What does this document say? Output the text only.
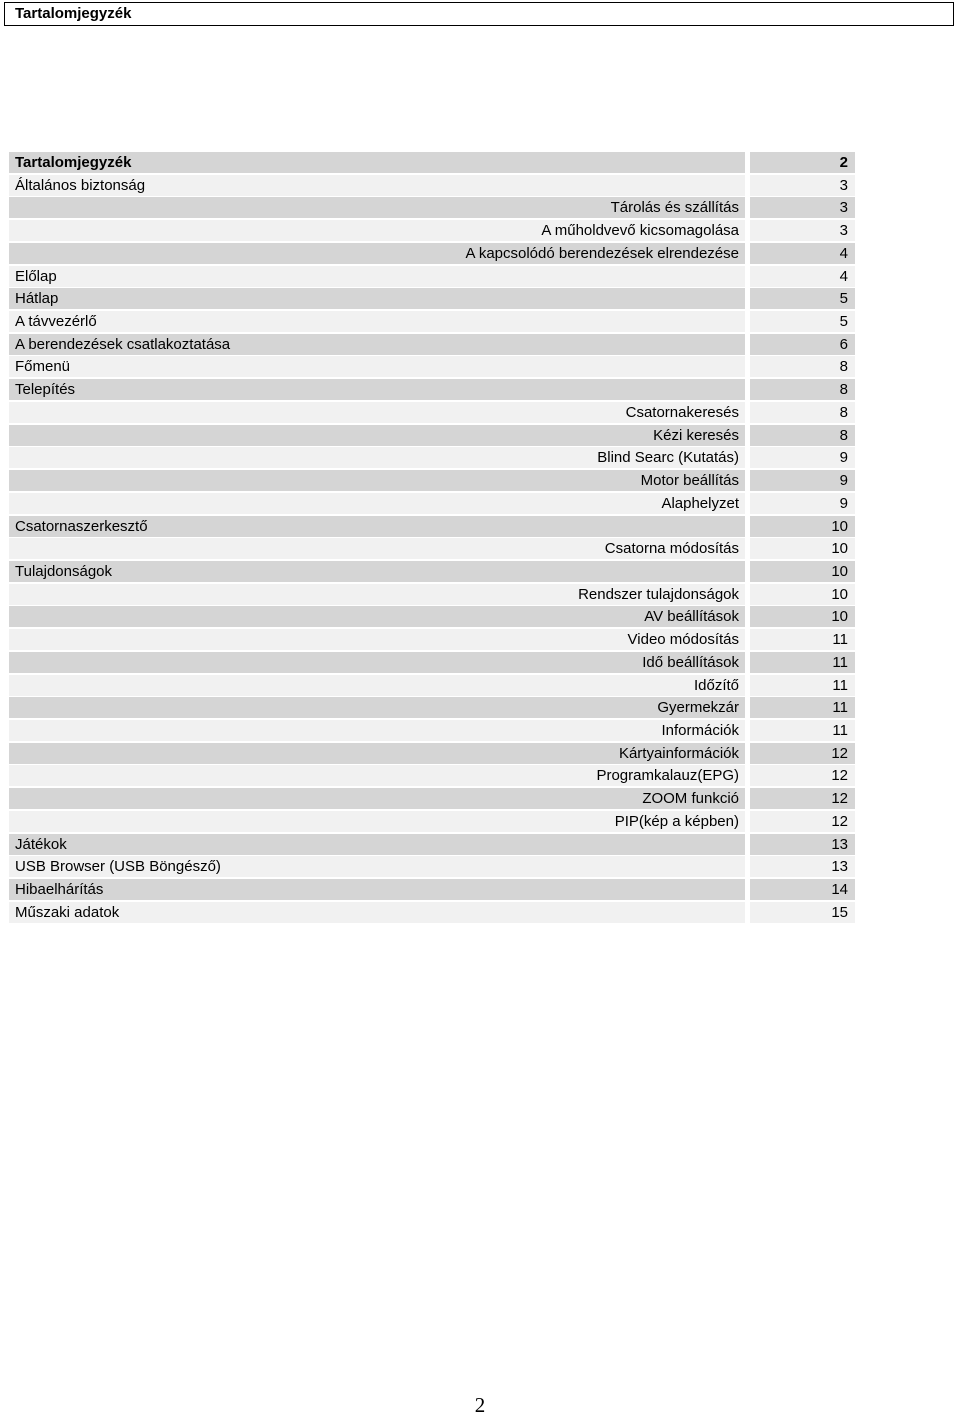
Tartalomjegyzék
Tartalomjegyzék	2
Általános biztonság	3
Tárolás és szállítás	3
A műholdvevő kicsomagolása	3
A kapcsolódó berendezések elrendezése	4
Előlap	4
Hátlap	5
A távvezérlő	5
A berendezések csatlakoztatása	6
Főmenü	8
Telepítés	8
Csatornakeresés	8
Kézi keresés	8
Blind Searc (Kutatás)	9
Motor beállítás	9
Alaphelyzet	9
Csatornaszerkesztő	10
Csatorna módosítás	10
Tulajdonságok	10
Rendszer tulajdonságok	10
AV beállítások	10
Video módosítás	11
Idő beállítások	11
Időzítő	11
Gyermekzár	11
Információk	11
Kártyainformációk	12
Programkalauz(EPG)	12
ZOOM funkció	12
PIP(kép a képben)	12
Játékok	13
USB Browser (USB Böngésző)	13
Hibaelhárítás	14
Műszaki adatok	15
2
